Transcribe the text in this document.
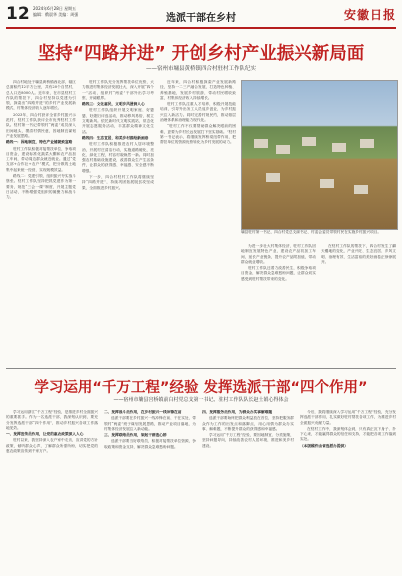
12 2024年6月28日 星期五
编辑：俄晨华 美编：周强	选派干部在乡村	安徽日报
坚持“四路并进” 开创乡村产业振兴新局面
——宿州市墉县黄桥镇四合村驻村工作队纪实

四合村地处于墉县黄桥镇西北部，辖区总面积约12平方公里，共有20个自然村，总人口近8000人。近年来，在市县驻村工作队的帮扶下，四合村坚持以党建为引领，探索出“四路并进”的乡村产业发展新模式，村集体经济收入逐年增长。

2023年，四合村获评全省乡村振兴示范村，驻村工作队获评全市优秀驻村工作队。驻村第一书记带领村“两委”成员深入田间地头，摸清村情民意，因地制宜谋划产业发展思路。

路线一：因地制宜，特色产业铺就致富路

驻村工作队积极对接帮扶单位，争取项目资金，建设标准化蔬菜大棚和农产品加工车间，带动周边群众就近就业。通过“党支部+合作社+农户”模式，把分散的土地集中起来统一经营，实现规模效益。

路线二：党建引领，组织振兴夯实战斗堡垒。驻村工作队坚持把抓党建作为第一要务，规范“三会一课”制度，开展主题党日活动，不断增强党组织的凝聚力和战斗力。

驻村工作队充分发挥帮扶单位优势，大力推进村集体经济发展壮大，深入开展“四个一”活动，组织村“两委”干部外出学习考察，开阔眼界。

路线三：文化惠民，文明乡风浸润人心

驻村工作队组织开展文明家庭、好婆婆、好媳妇评选活动，推动移风易俗，树立文明新风。依托新时代文明实践站，常态化开展志愿服务活动，丰富群众精神文化生活。

路线四：生态宜居，和美乡村描绘新画卷

驻村工作队积极推进农村人居环境整治，开展村庄清洁行动，实施道路硬化、亮化、绿化工程，村容村貌焕然一新。同时加强农村基础设施建设，改善群众生产生活条件，让群众的获得感、幸福感、安全感不断增强。

下一步，四合村驻村工作队将继续坚持“四路并进”，持续巩固拓展脱贫攻坚成果，全面推进乡村振兴。

近年来，四合村积极探索产业发展新路径，坚持一二三产融合发展，打造特色种植、养殖基地，发展乡村旅游，带动村民增收致富，村集体经济收入持续增长。

驻村工作队注重人才培养，积极开展技能培训，引导外出务工人员返乡创业，为乡村振兴注入新活力。同时完善村规民约，推动基层治理体系和治理能力现代化。

“驻村工作不仅要帮助群众解决眼前的困难，更要为乡村长远发展打下坚实基础。”驻村第一书记表示，将继续发挥桥梁纽带作用，把帮扶单位的资源优势转化为乡村发展的动力。

墉县驻村第一书记、四合村党总支副书记、村委会委员带领村民在实施乡村振兴项目。

为进一步壮大村集体经济，驻村工作队因地制宜发展特色产业，建设农产品初加工车间，延长产业链条，提升农产品附加值，带动群众就业增收。

驻村工作队还着力改善民生，积极争取项目资金，解决群众急难愁盼问题，让群众切实感受到驻村帮扶带来的变化。

在驻村工作队的帮扶下，四合村发生了翻天覆地的变化，产业兴旺、生态宜居、乡风文明、治理有效、生活富裕的美好画卷正徐徐展开。

学习运用“千万工程”经验 发挥选派干部“四个作用”
——宿州市墉县宫桥镇前白村党总支第一书记、驻村工作队队长赵士娟心得体会

学习运用浙江“千万工程”经验，是推进乡村全面振兴的重要抓手。作为一名选派干部，我深刻认识到，要充分发挥选派干部“四个作用”，推动乡村振兴各项工作落地见效。

一、发挥宣传员作用，让党的惠农政策深入人心

驻村以来，我坚持深入农户家中走访，宣讲党的方针政策，倾听群众心声，了解群众所需所盼，切实把党的惠农政策宣传到千家万户。

二、发挥战斗员作用，在乡村振兴一线冲锋在前

选派干部要在乡村振兴一线冲锋在前、干在实处，带领村“两委”班子谋划发展思路，推动产业项目落地，为村集体经济发展注入新动能。

三、发挥联络员作用，架起干群连心桥

选派干部要当好联络员，积极对接帮扶单位资源，争取政策和资金支持，解决群众急难愁盼问题。

四、发挥服务员作用，为群众办实事解难题

选派干部要始终把群众利益放在首位，坚持把服务群众作为工作的出发点和落脚点，用心用情为群众办实事、解难题，不断提升群众的获得感和幸福感。

学习运用“千万工程”经验，要因地制宜、分类施策，坚持问题导向，持续改善农村人居环境，推进和美乡村建设。

今后，我将继续深入学习运用“千万工程”经验，充分发挥选派干部作用，扎实做好驻村帮扶各项工作，为推进乡村全面振兴贡献力量。

在驻村工作中，我深刻体会到，只有真正沉下身子、扑下心来，才能赢得群众的信任和支持，才能把各项工作落到实处。

（本版稿件由省选派办提供）
